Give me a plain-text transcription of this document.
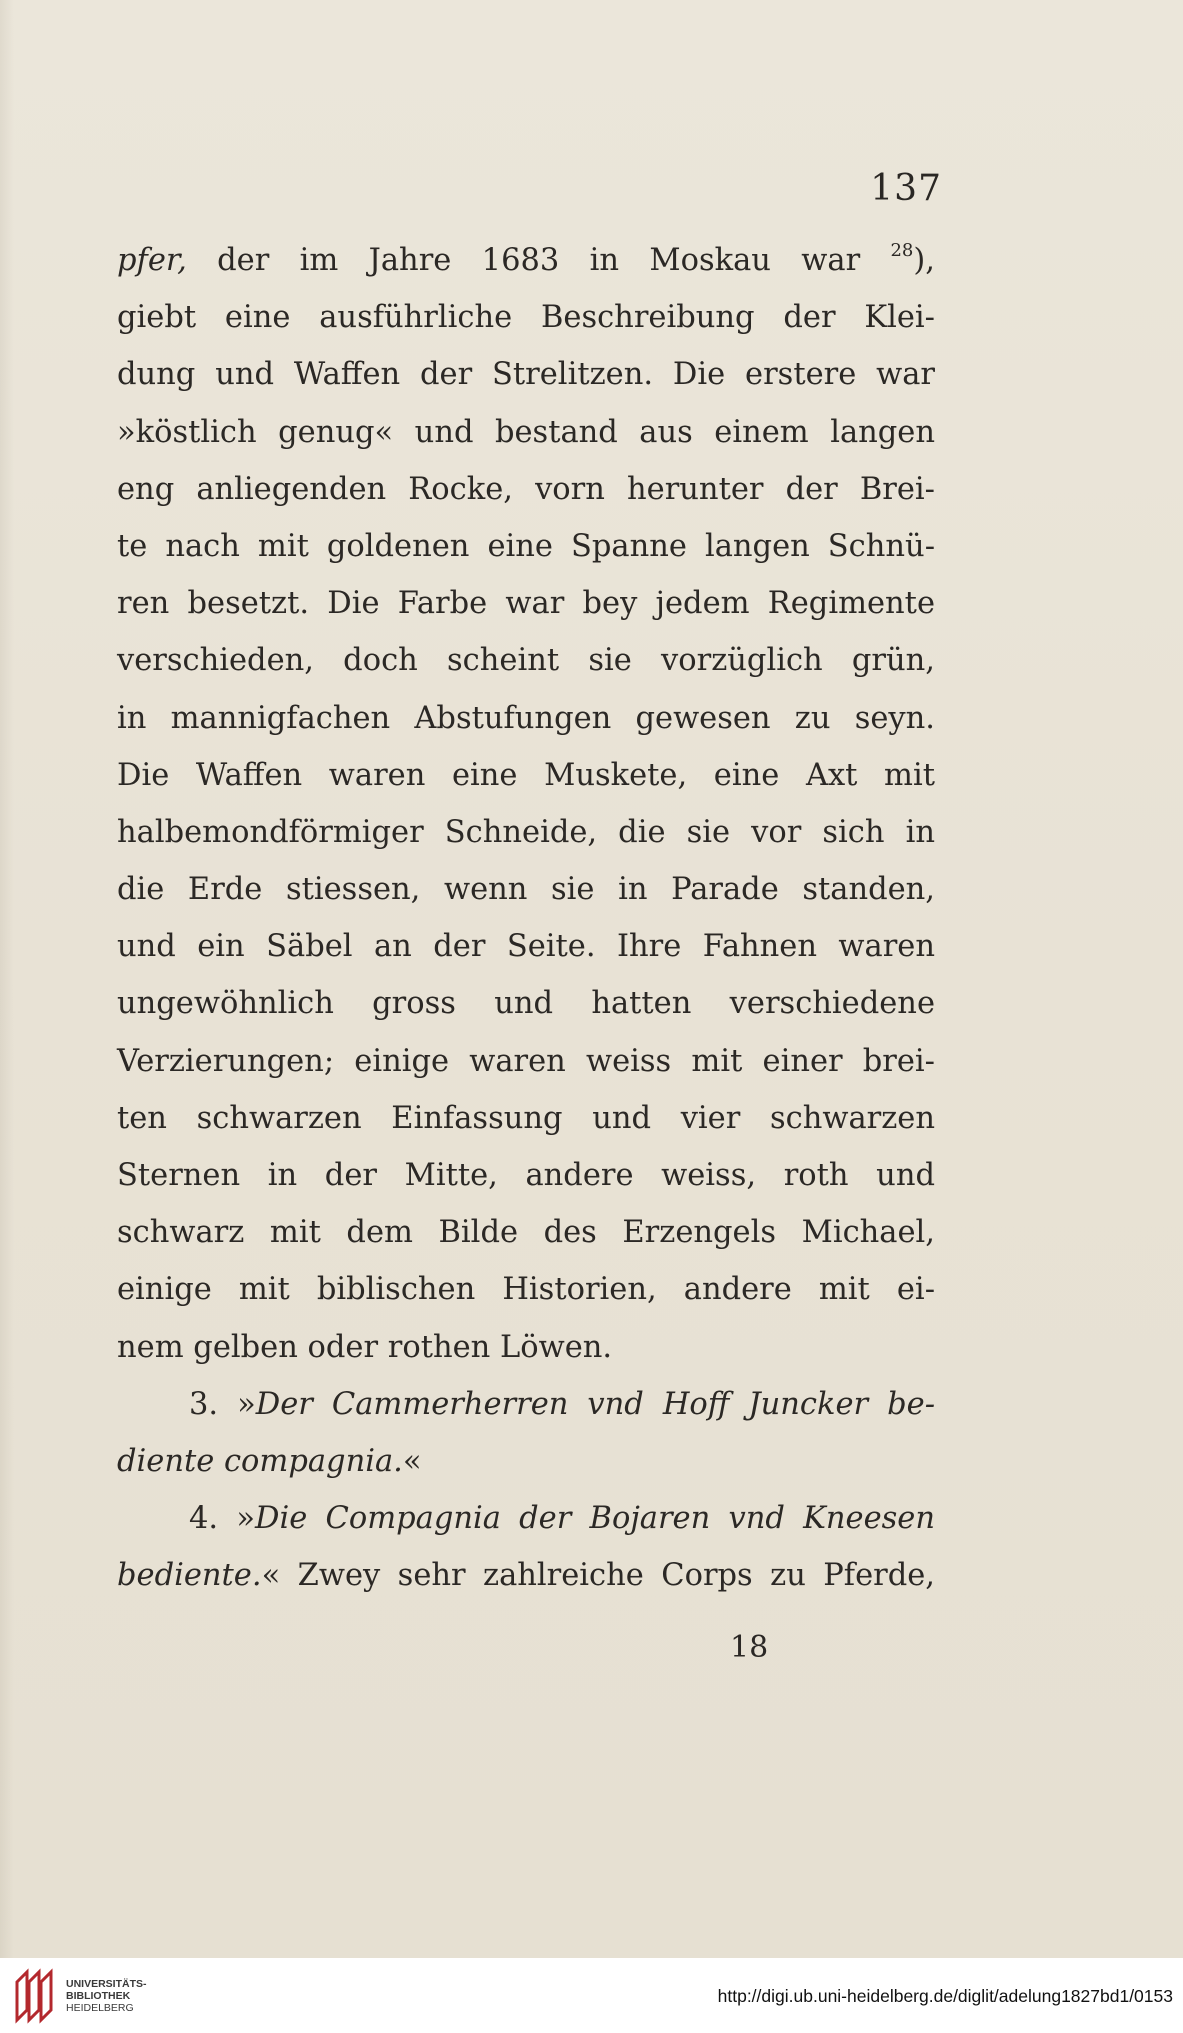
137
pfer, der im Jahre 1683 in Moskau war $^{28}$),
giebt eine ausführliche Beschreibung der Klei-
dung und Waffen der Strelitzen. Die erstere war
»köstlich genug« und bestand aus einem langen
eng anliegenden Rocke, vorn herunter der Brei-
te nach mit goldenen eine Spanne langen Schnü-
ren besetzt. Die Farbe war bey jedem Regimente
verschieden, doch scheint sie vorzüglich grün,
in mannigfachen Abstufungen gewesen zu seyn.
Die Waffen waren eine Muskete, eine Axt mit
halbemondförmiger Schneide, die sie vor sich in
die Erde stiessen, wenn sie in Parade standen,
und ein Säbel an der Seite. Ihre Fahnen waren
ungewöhnlich gross und hatten verschiedene
Verzierungen; einige waren weiss mit einer brei-
ten schwarzen Einfassung und vier schwarzen
Sternen in der Mitte, andere weiss, roth und
schwarz mit dem Bilde des Erzengels Michael,
einige mit biblischen Historien, andere mit ei-
nem gelben oder rothen Löwen.
3. »Der Cammerherren vnd Hoff Juncker be-
diente compagnia.«
4. »Die Compagnia der Bojaren vnd Kneesen
bediente.« Zwey sehr zahlreiche Corps zu Pferde,
18
UNIVERSITÄTS-
BIBLIOTHEK
HEIDELBERG
http://digi.ub.uni-heidelberg.de/diglit/adelung1827bd1/0153
